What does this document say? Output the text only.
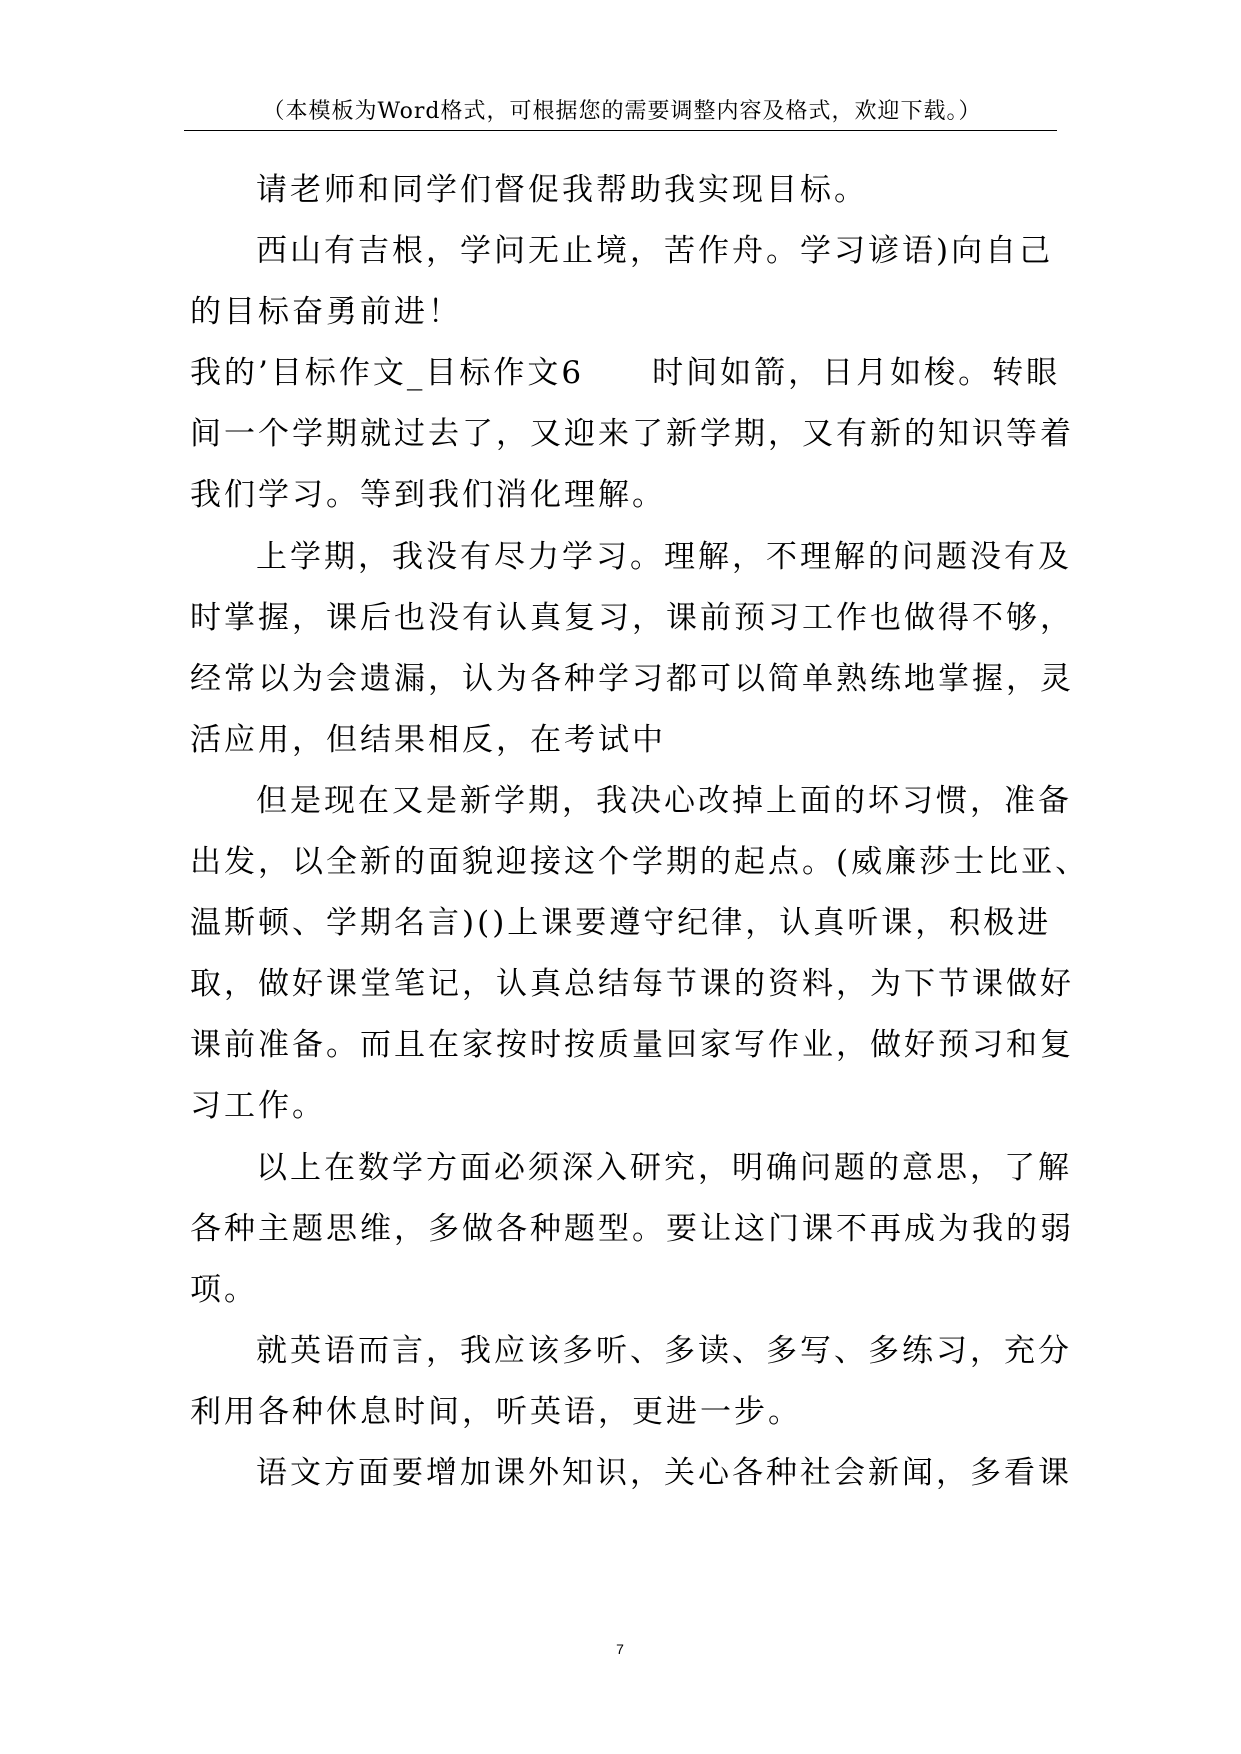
（本模板为Word格式，可根据您的需要调整内容及格式，欢迎下载。）
请老师和同学们督促我帮助我实现目标。
西山有吉根，学问无止境，苦作舟。学习谚语)向自己
的目标奋勇前进！
我的’目标作文_目标作文6　　时间如箭，日月如梭。转眼
间一个学期就过去了，又迎来了新学期，又有新的知识等着
我们学习。等到我们消化理解。
上学期，我没有尽力学习。理解，不理解的问题没有及
时掌握，课后也没有认真复习，课前预习工作也做得不够，
经常以为会遗漏，认为各种学习都可以简单熟练地掌握，灵
活应用，但结果相反，在考试中
但是现在又是新学期，我决心改掉上面的坏习惯，准备
出发，以全新的面貌迎接这个学期的起点。(威廉莎士比亚、
温斯顿、学期名言)()上课要遵守纪律，认真听课，积极进
取，做好课堂笔记，认真总结每节课的资料，为下节课做好
课前准备。而且在家按时按质量回家写作业，做好预习和复
习工作。
以上在数学方面必须深入研究，明确问题的意思，了解
各种主题思维，多做各种题型。要让这门课不再成为我的弱
项。
就英语而言，我应该多听、多读、多写、多练习，充分
利用各种休息时间，听英语，更进一步。
语文方面要增加课外知识，关心各种社会新闻，多看课
7
